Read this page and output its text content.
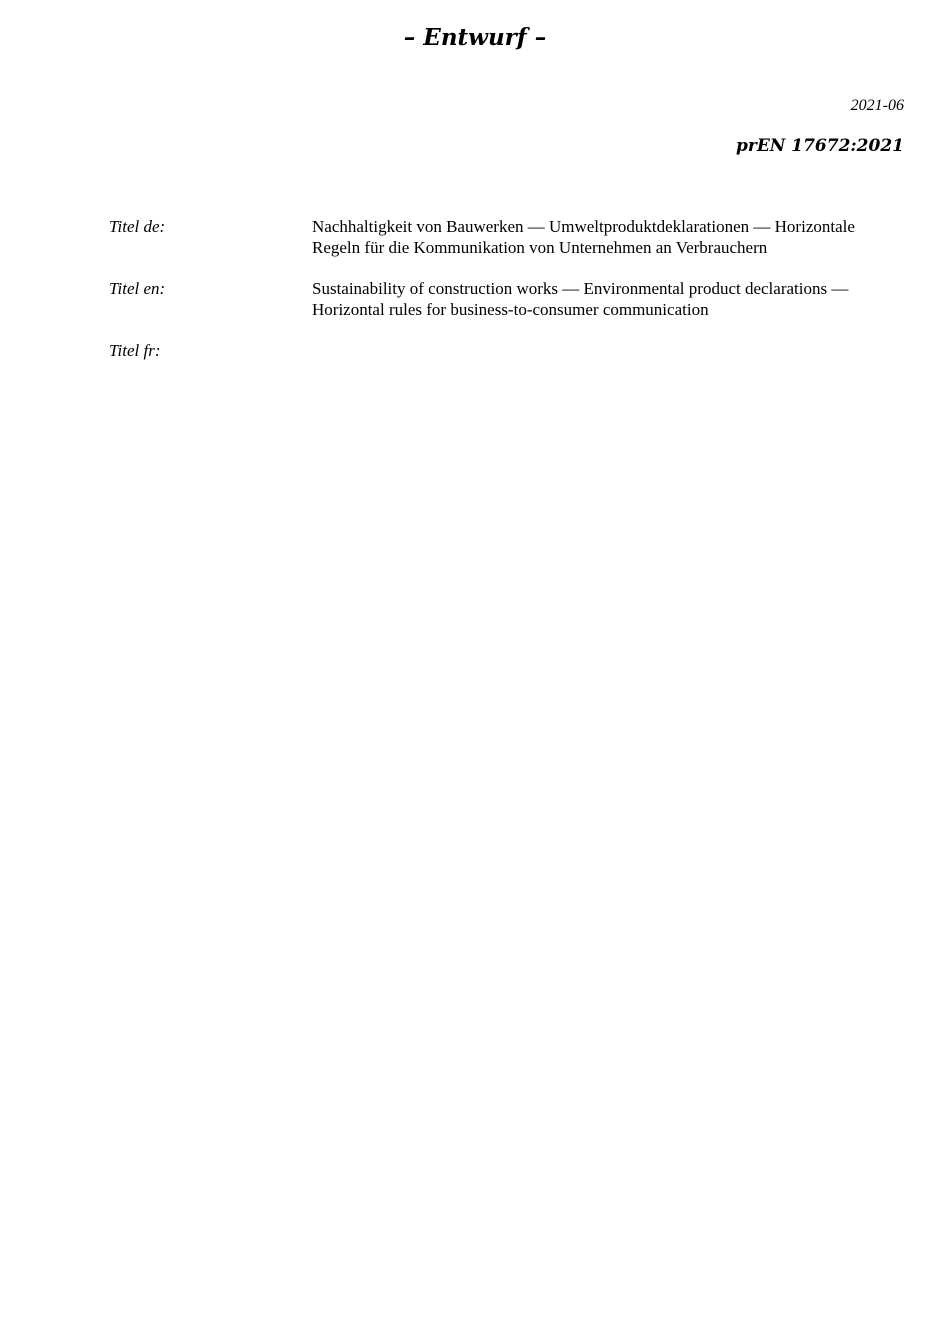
– Entwurf –
2021-06
prEN 17672:2021
Titel de:	Nachhaltigkeit von Bauwerken — Umweltproduktdeklarationen — Horizontale Regeln für die Kommunikation von Unternehmen an Verbrauchern
Titel en:	Sustainability of construction works — Environmental product declarations — Horizontal rules for business-to-consumer communication
Titel fr:
